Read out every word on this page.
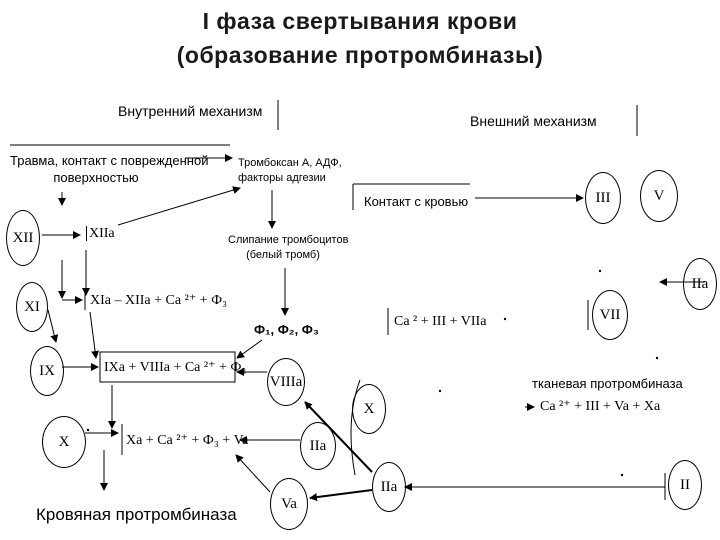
I фаза свертывания крови
(образование протромбиназы)
Внутренний механизм
Травма, контакт с поврежденной
поверхностью
Тромбоксан А, АДФ,
факторы адгезии
Слипание тромбоцитов
(белый тромб)
Ф₁, Ф₂, Ф₃
XII	XIIa
XI	XIa – XIIa + Ca ²⁺ + Ф₃
IX	IXa + VIIIa + Ca ²⁺ + Ф₃
VIIIa
X	Xa + Ca ²⁺ + Ф₃ + Va	IIa
Va
Кровяная протромбиназа
Внешний механизм
Контакт с кровью	III	V
IIa
Ca ² + III + VIIa	VII
тканевая протромбиназа
Ca ²⁺ + III + Va + Xa
X
IIa	II
